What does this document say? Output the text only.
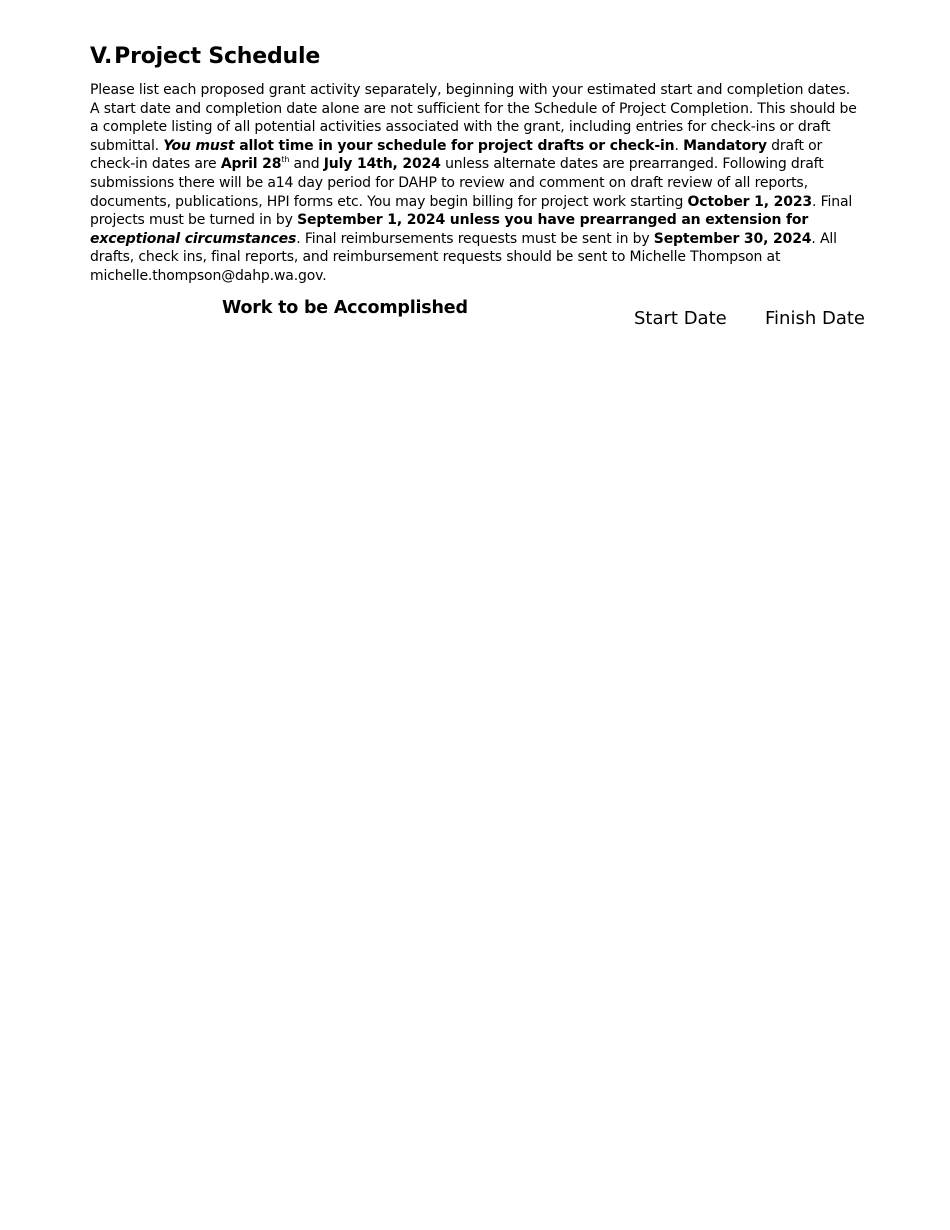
V.Project Schedule

Please list each proposed grant activity separately, beginning with your estimated start and completion dates. A start date and completion date alone are not sufficient for the Schedule of Project Completion. This should be a complete listing of all potential activities associated with the grant, including entries for check-ins or draft submittal. You must allot time in your schedule for project drafts or check-in. Mandatory draft or check-in dates are April 28th and July 14th, 2024 unless alternate dates are prearranged. Following draft submissions there will be a14 day period for DAHP to review and comment on draft review of all reports, documents, publications, HPI forms etc. You may begin billing for project work starting October 1, 2023. Final projects must be turned in by September 1, 2024 unless you have prearranged an extension for exceptional circumstances. Final reimbursements requests must be sent in by September 30, 2024. All drafts, check ins, final reports, and reimbursement requests should be sent to Michelle Thompson at michelle.thompson@dahp.wa.gov.

Work to be Accomplished	Start Date Finish Date
